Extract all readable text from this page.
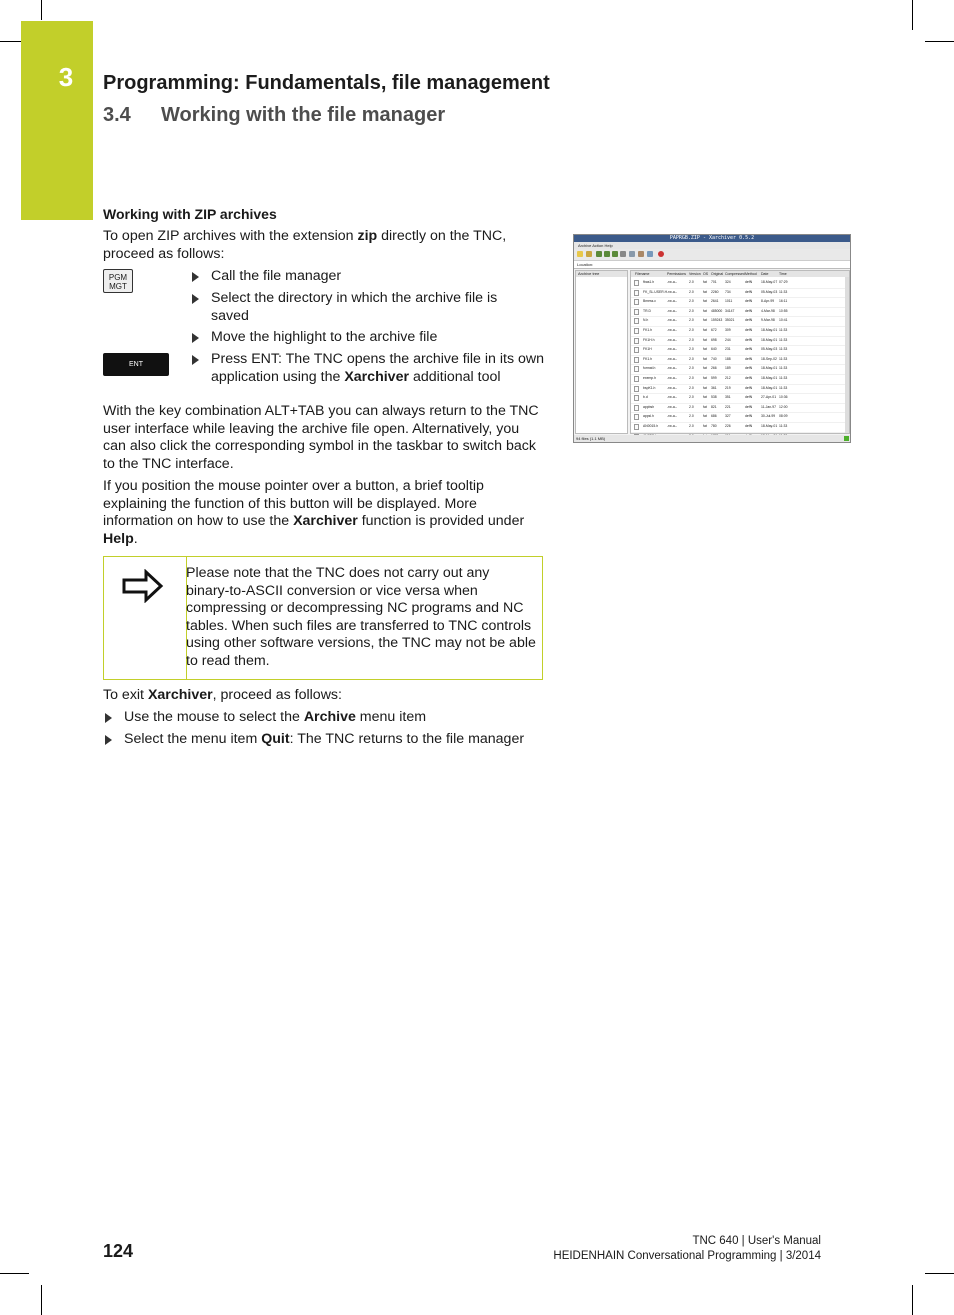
3	Programming: Fundamentals, file management
3.4 Working with the file manager
Working with ZIP archives
To open ZIP archives with the extension zip directly on the TNC, proceed as follows:
PGM
MGT
ENT
Call the file manager
Select the directory in which the archive file is saved
Move the highlight to the archive file
Press ENT: The TNC opens the archive file in its own application using the Xarchiver additional tool
With the key combination ALT+TAB you can always return to the TNC user interface while leaving the archive file open. Alternatively, you can also click the corresponding symbol in the taskbar to switch back to the TNC interface.
If you position the mouse pointer over a button, a brief tooltip explaining the function of this button will be displayed. More information on how to use the Xarchiver function is provided under Help.
Please note that the TNC does not carry out any binary-to-ASCII conversion or vice versa when compressing or decompressing NC programs and NC tables. When such files are transferred to TNC controls using other software versions, the TNC may not be able to read them.
To exit Xarchiver, proceed as follows:
Use the mouse to select the Archive menu item
Select the menu item Quit: The TNC returns to the file manager
PAPRGB.ZIP - Xarchiver 0.5.2
Archive Action Help
Location:
Archive tree	Filename	Permissions Version OS Original Compressed Method Date	Time
fbas1.h	-rw-a--	2.0	fat 701 324	defN	18-May-07 07:29
FK_SL.USER.H -rw-a--	2.0	fat 2260 734	defN	05-May-03 11:33
Bmess.c	-rw-a--	2.0	fat 2641 1011	defN	8-Apr-99 16:11
TR.D	-rw-a--	2.0	fat 485000 34147	defN	4-Mar-98 10:55
N.h	-rw-a--	2.0	fat 159243 35021	defN	9-Mar-98 10:41
FK1.h	-rw-a--	2.0	fat 672 309	defN	18-May-01 11:33
FK1H.h	-rw-a--	2.0	fat 698 244	defN	18-May-01 11:33
FK1H	-rw-a--	2.0	fat 640 231	defN	05-May-03 11:33
FK1.h	-rw-a--	2.0	fat 740 188	defN	18-Sep-02 11:33
format.h	-rw-a--	2.0	fat 266 189	defN	18-May-01 11:33
exemp.h	-rw-a--	2.0	fat 599 212	defN	18-May-01 11:33
bspK1.h	-rw-a--	2.0	fat 361 219	defN	18-May-01 11:33
b.d	-rw-a--	2.0	fat 538 351	defN	27-Apr-01 10:36
appbsh	-rw-a--	2.0	fat 821 221	defN	11-Jan-97 12:00
appsl.h	-rw-a--	2.0	fat 686 327	defN	30-Jul-99 08:09
AN0015.h	-rw-a--	2.0	fat 780 226	defN	18-May-01 11:33
94 files (1.1 MB)
124	TNC 640 | User's Manual
HEIDENHAIN Conversational Programming | 3/2014
